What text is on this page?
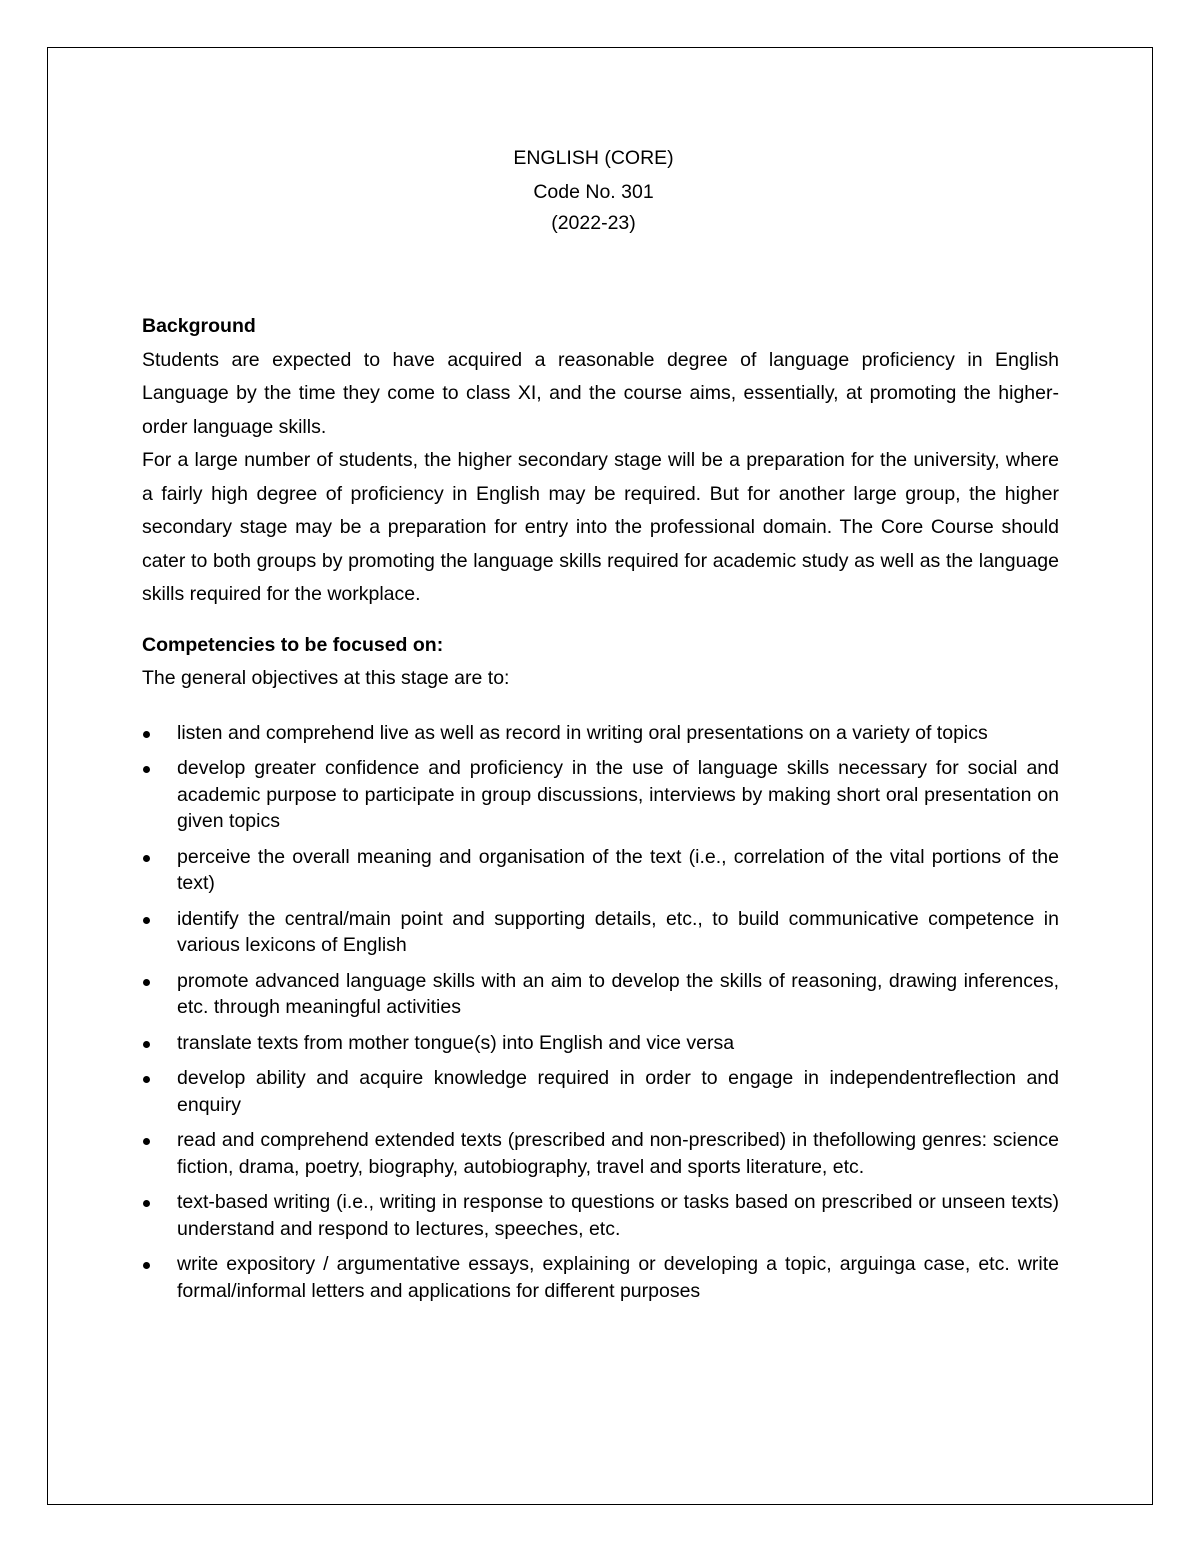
ENGLISH (CORE)
Code No. 301
(2022-23)
Background

Students are expected to have acquired a reasonable degree of language proficiency in English Language by the time they come to class XI, and the course aims, essentially, at promoting the higher-order language skills.

For a large number of students, the higher secondary stage will be a preparation for the university, where a fairly high degree of proficiency in English may be required. But for another large group, the higher secondary stage may be a preparation for entry into the professional domain. The Core Course should cater to both groups by promoting the language skills required for academic study as well as the language skills required for the workplace.

Competencies to be focused on:

The general objectives at this stage are to:

listen and comprehend live as well as record in writing oral presentations on a variety of topics
develop greater confidence and proficiency in the use of language skills necessary for social and academic purpose to participate in group discussions, interviews by making short oral presentation on given topics
perceive the overall meaning and organisation of the text (i.e., correlation of the vital portions of the text)
identify the central/main point and supporting details, etc., to build communicative competence in various lexicons of English
promote advanced language skills with an aim to develop the skills of reasoning, drawing inferences, etc. through meaningful activities
translate texts from mother tongue(s) into English and vice versa
develop ability and acquire knowledge required in order to engage in independentreflection and enquiry
read and comprehend extended texts (prescribed and non-prescribed) in thefollowing genres: science fiction, drama, poetry, biography, autobiography, travel and sports literature, etc.
text-based writing (i.e., writing in response to questions or tasks based on prescribed or unseen texts) understand and respond to lectures, speeches, etc.
write expository / argumentative essays, explaining or developing a topic, arguinga case, etc. write formal/informal letters and applications for different purposes
